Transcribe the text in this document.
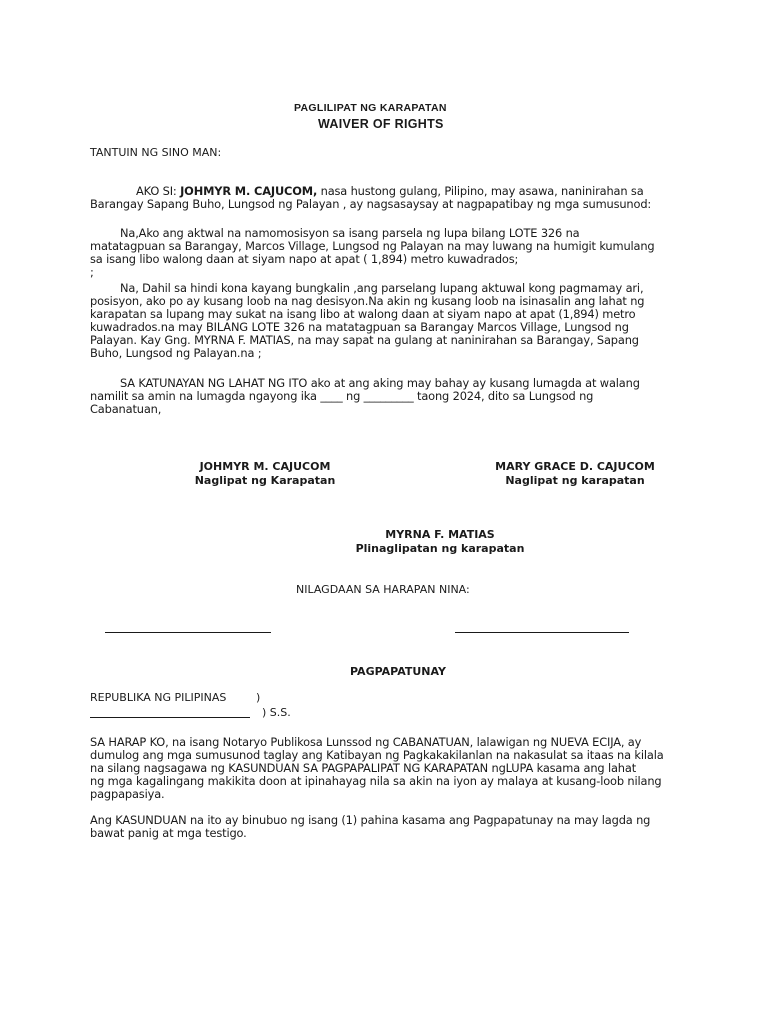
PAGLILIPAT NG KARAPATAN
WAIVER OF RIGHTS
TANTUIN NG SINO MAN:

AKO SI: JOHMYR M. CAJUCOM, nasa hustong gulang, Pilipino, may asawa, naninirahan sa

Barangay Sapang Buho, Lungsod ng Palayan , ay nagsasaysay at nagpapatibay ng mga sumusunod:

Na,Ako ang aktwal na namomosisyon sa isang parsela ng lupa bilang LOTE 326 na

matatagpuan sa Barangay, Marcos Village, Lungsod ng Palayan na may luwang na humigit kumulang

sa isang libo walong daan at siyam napo at apat ( 1,894) metro kuwadrados;

;

Na, Dahil sa hindi kona kayang bungkalin ,ang parselang lupang aktuwal kong pagmamay ari,

posisyon, ako po ay kusang loob na nag desisyon.Na akin ng kusang loob na isinasalin ang lahat ng

karapatan sa lupang may sukat na isang libo at walong daan at siyam napo at apat (1,894) metro

kuwadrados.na may BILANG LOTE 326 na matatagpuan sa Barangay Marcos Village, Lungsod ng

Palayan. Kay Gng. MYRNA F. MATIAS, na may sapat na gulang at naninirahan sa Barangay, Sapang

Buho, Lungsod ng Palayan.na ;

SA KATUNAYAN NG LAHAT NG ITO ako at ang aking may bahay ay kusang lumagda at walang

namilit sa amin na lumagda ngayong ika ____ ng _________ taong 2024, dito sa Lungsod ng

Cabanatuan,

JOHMYR M. CAJUCOM
Naglipat ng Karapatan
MARY GRACE D. CAJUCOM
Naglipat ng karapatan
MYRNA F. MATIAS
Plinaglipatan ng karapatan
NILAGDAAN SA HARAPAN NINA:
PAGPAPATUNAY
REPUBLIKA NG PILIPINAS	)
) S.S.

SA HARAP KO, na isang Notaryo Publikosa Lunssod ng CABANATUAN, lalawigan ng NUEVA ECIJA, ay

dumulog ang mga sumusunod taglay ang Katibayan ng Pagkakakilanlan na nakasulat sa itaas na kilala

na silang nagsagawa ng KASUNDUAN SA PAGPAPALIPAT NG KARAPATAN ngLUPA kasama ang lahat

ng mga kagalingang makikita doon at ipinahayag nila sa akin na iyon ay malaya at kusang-loob nilang

pagpapasiya.

Ang KASUNDUAN na ito ay binubuo ng isang (1) pahina kasama ang Pagpapatunay na may lagda ng

bawat panig at mga testigo.
